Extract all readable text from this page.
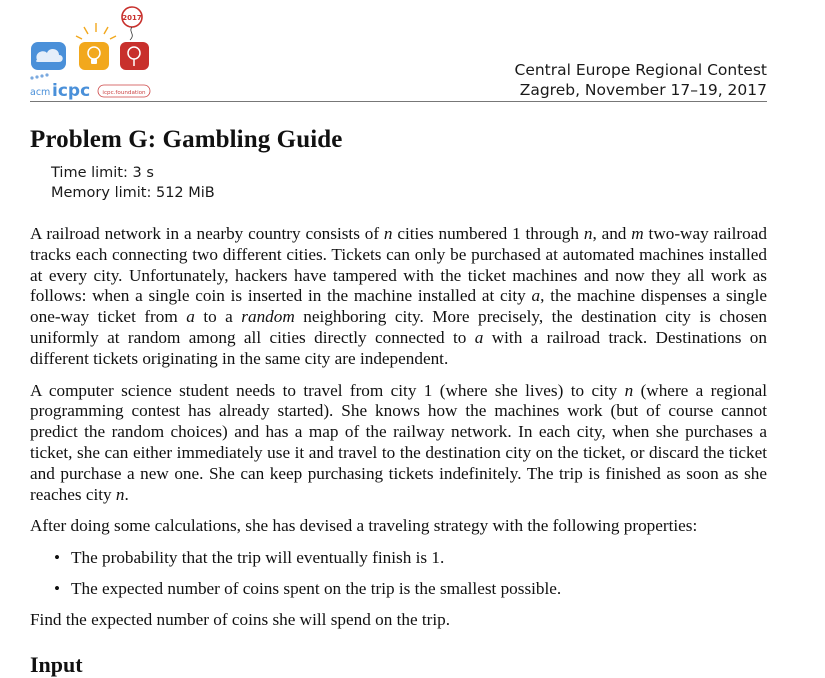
2017
acm icpc icpc.foundation
Central Europe Regional Contest
Zagreb, November 17–19, 2017
Problem G: Gambling Guide
Time limit: 3 s
Memory limit: 512 MiB

A railroad network in a nearby country consists of n cities numbered 1 through n, and m two-way railroad tracks each connecting two different cities. Tickets can only be purchased at automated machines installed at every city. Unfortunately, hackers have tampered with the ticket machines and now they all work as follows: when a single coin is inserted in the machine installed at city a, the machine dispenses a single one-way ticket from a to a random neighboring city. More precisely, the destination city is chosen uniformly at random among all cities directly connected to a with a railroad track. Destinations on different tickets originating in the same city are independent.

A computer science student needs to travel from city 1 (where she lives) to city n (where a regional programming contest has already started). She knows how the machines work (but of course cannot predict the random choices) and has a map of the railway network. In each city, when she purchases a ticket, she can either immediately use it and travel to the destination city on the ticket, or discard the ticket and purchase a new one. She can keep purchasing tickets indefinitely. The trip is finished as soon as she reaches city n.

After doing some calculations, she has devised a traveling strategy with the following properties:

• The probability that the trip will eventually finish is 1.
• The expected number of coins spent on the trip is the smallest possible.

Find the expected number of coins she will spend on the trip.

Input
